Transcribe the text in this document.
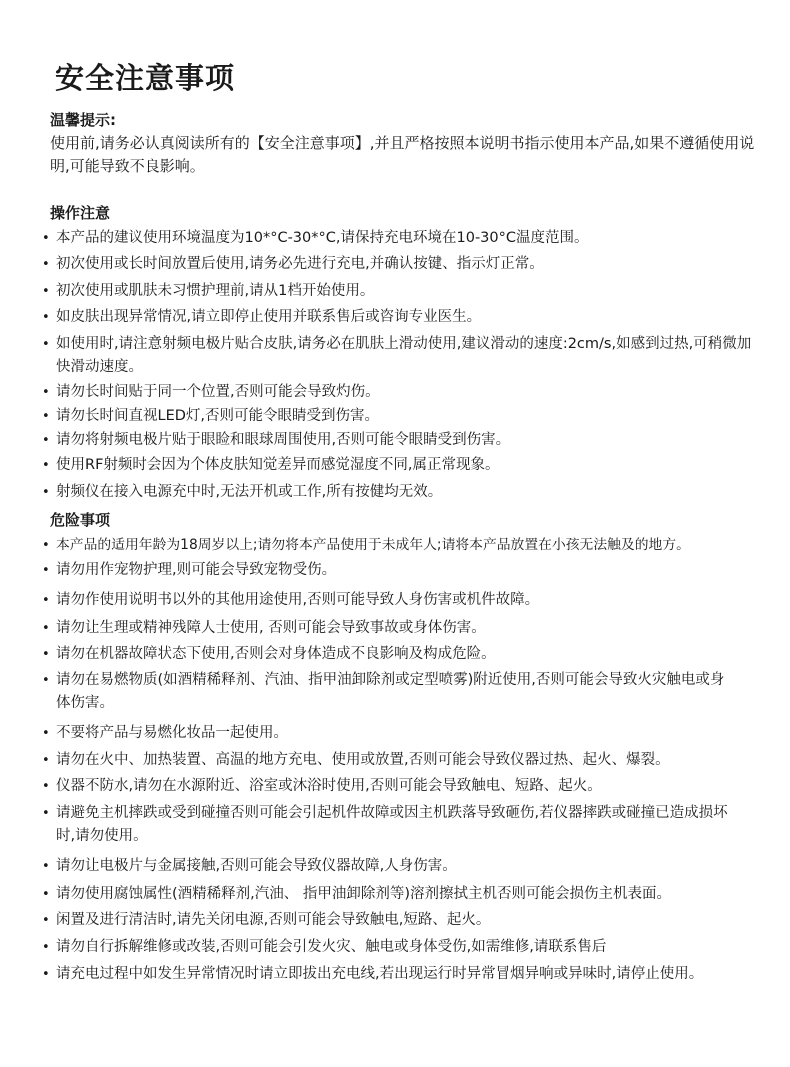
安全注意事项
温馨提示:
使用前,请务必认真阅读所有的【安全注意事项】,并且严格按照本说明书指示使用本产品,如果不遵循使用说明,可能导致不良影响。
操作注意
• 本产品的建议使用环境温度为10*°C-30*°C,请保持充电环境在10-30°C温度范围。
• 初次使用或长时间放置后使用,请务必先进行充电,并确认按键、指示灯正常。
• 初次使用或肌肤未习惯护理前,请从1档开始使用。
• 如皮肤出现异常情况,请立即停止使用并联系售后或咨询专业医生。
• 如使用时,请注意射频电极片贴合皮肤,请务必在肌肤上滑动使用,建议滑动的速度:2cm/s,如感到过热,可稍微加快滑动速度。
• 请勿长时间贴于同一个位置,否则可能会导致灼伤。
• 请勿长时间直视LED灯,否则可能令眼睛受到伤害。
• 请勿将射频电极片贴于眼睑和眼球周围使用,否则可能令眼睛受到伤害。
• 使用RF射频时会因为个体皮肤知觉差异而感觉湿度不同,属正常现象。
• 射频仪在接入电源充中时,无法开机或工作,所有按健均无效。
危险事项
• 本产品的适用年龄为18周岁以上;请勿将本产品使用于未成年人;请将本产品放置在小孩无法触及的地方。
• 请勿用作宠物护理,则可能会导致宠物受伤。
• 请勿作使用说明书以外的其他用途使用,否则可能导致人身伤害或机件故障。
• 请勿让生理或精神残障人士使用, 否则可能会导致事故或身体伤害。
• 请勿在机器故障状态下使用,否则会对身体造成不良影响及构成危险。
• 请勿在易燃物质(如酒精稀释剂、汽油、指甲油卸除剂或定型喷雾)附近使用,否则可能会导致火灾触电或身体伤害。
• 不要将产品与易燃化妆品一起使用。
• 请勿在火中、加热装置、高温的地方充电、使用或放置,否则可能会导致仪器过热、起火、爆裂。
• 仪器不防水,请勿在水源附近、浴室或沐浴时使用,否则可能会导致触电、短路、起火。
• 请避免主机摔跌或受到碰撞否则可能会引起机件故障或因主机跌落导致砸伤,若仪器摔跌或碰撞已造成损坏时,请勿使用。
• 请勿让电极片与金属接触,否则可能会导致仪器故障,人身伤害。
• 请勿使用腐蚀属性(酒精稀释剂,汽油、 指甲油卸除剂等)溶剂擦拭主机否则可能会损伤主机表面。
• 闲置及进行清洁时,请先关闭电源,否则可能会导致触电,短路、起火。
• 请勿自行拆解维修或改装,否则可能会引发火灾、触电或身体受伤,如需维修,请联系售后
• 请充电过程中如发生异常情况时请立即拔出充电线,若出现运行时异常冒烟异响或异味时,请停止使用。
